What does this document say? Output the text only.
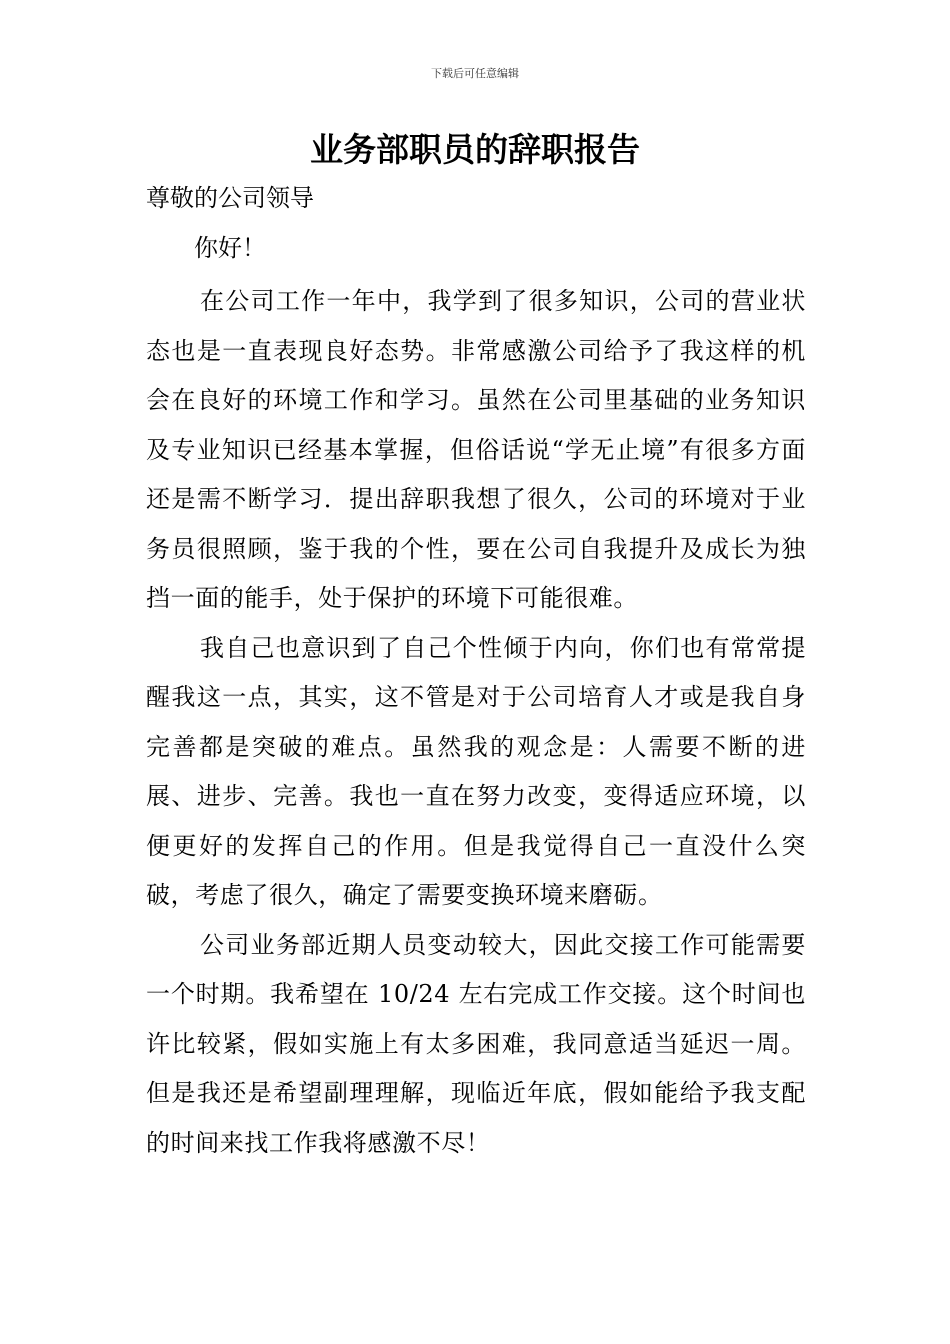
下载后可任意编辑
业务部职员的辞职报告

尊敬的公司领导

你好！

在公司工作一年中，我学到了很多知识，公司的营业状态也是一直表现良好态势。非常感激公司给予了我这样的机会在良好的环境工作和学习。虽然在公司里基础的业务知识及专业知识已经基本掌握，但俗话说“学无止境”有很多方面还是需不断学习．提出辞职我想了很久，公司的环境对于业务员很照顾，鉴于我的个性，要在公司自我提升及成长为独挡一面的能手，处于保护的环境下可能很难。

我自己也意识到了自己个性倾于内向，你们也有常常提醒我这一点，其实，这不管是对于公司培育人才或是我自身完善都是突破的难点。虽然我的观念是：人需要不断的进展、进步、完善。我也一直在努力改变，变得适应环境，以便更好的发挥自己的作用。但是我觉得自己一直没什么突破，考虑了很久，确定了需要变换环境来磨砺。

公司业务部近期人员变动较大，因此交接工作可能需要一个时期。我希望在 10/24 左右完成工作交接。这个时间也许比较紧，假如实施上有太多困难，我同意适当延迟一周。但是我还是希望副理理解，现临近年底，假如能给予我支配的时间来找工作我将感激不尽！
